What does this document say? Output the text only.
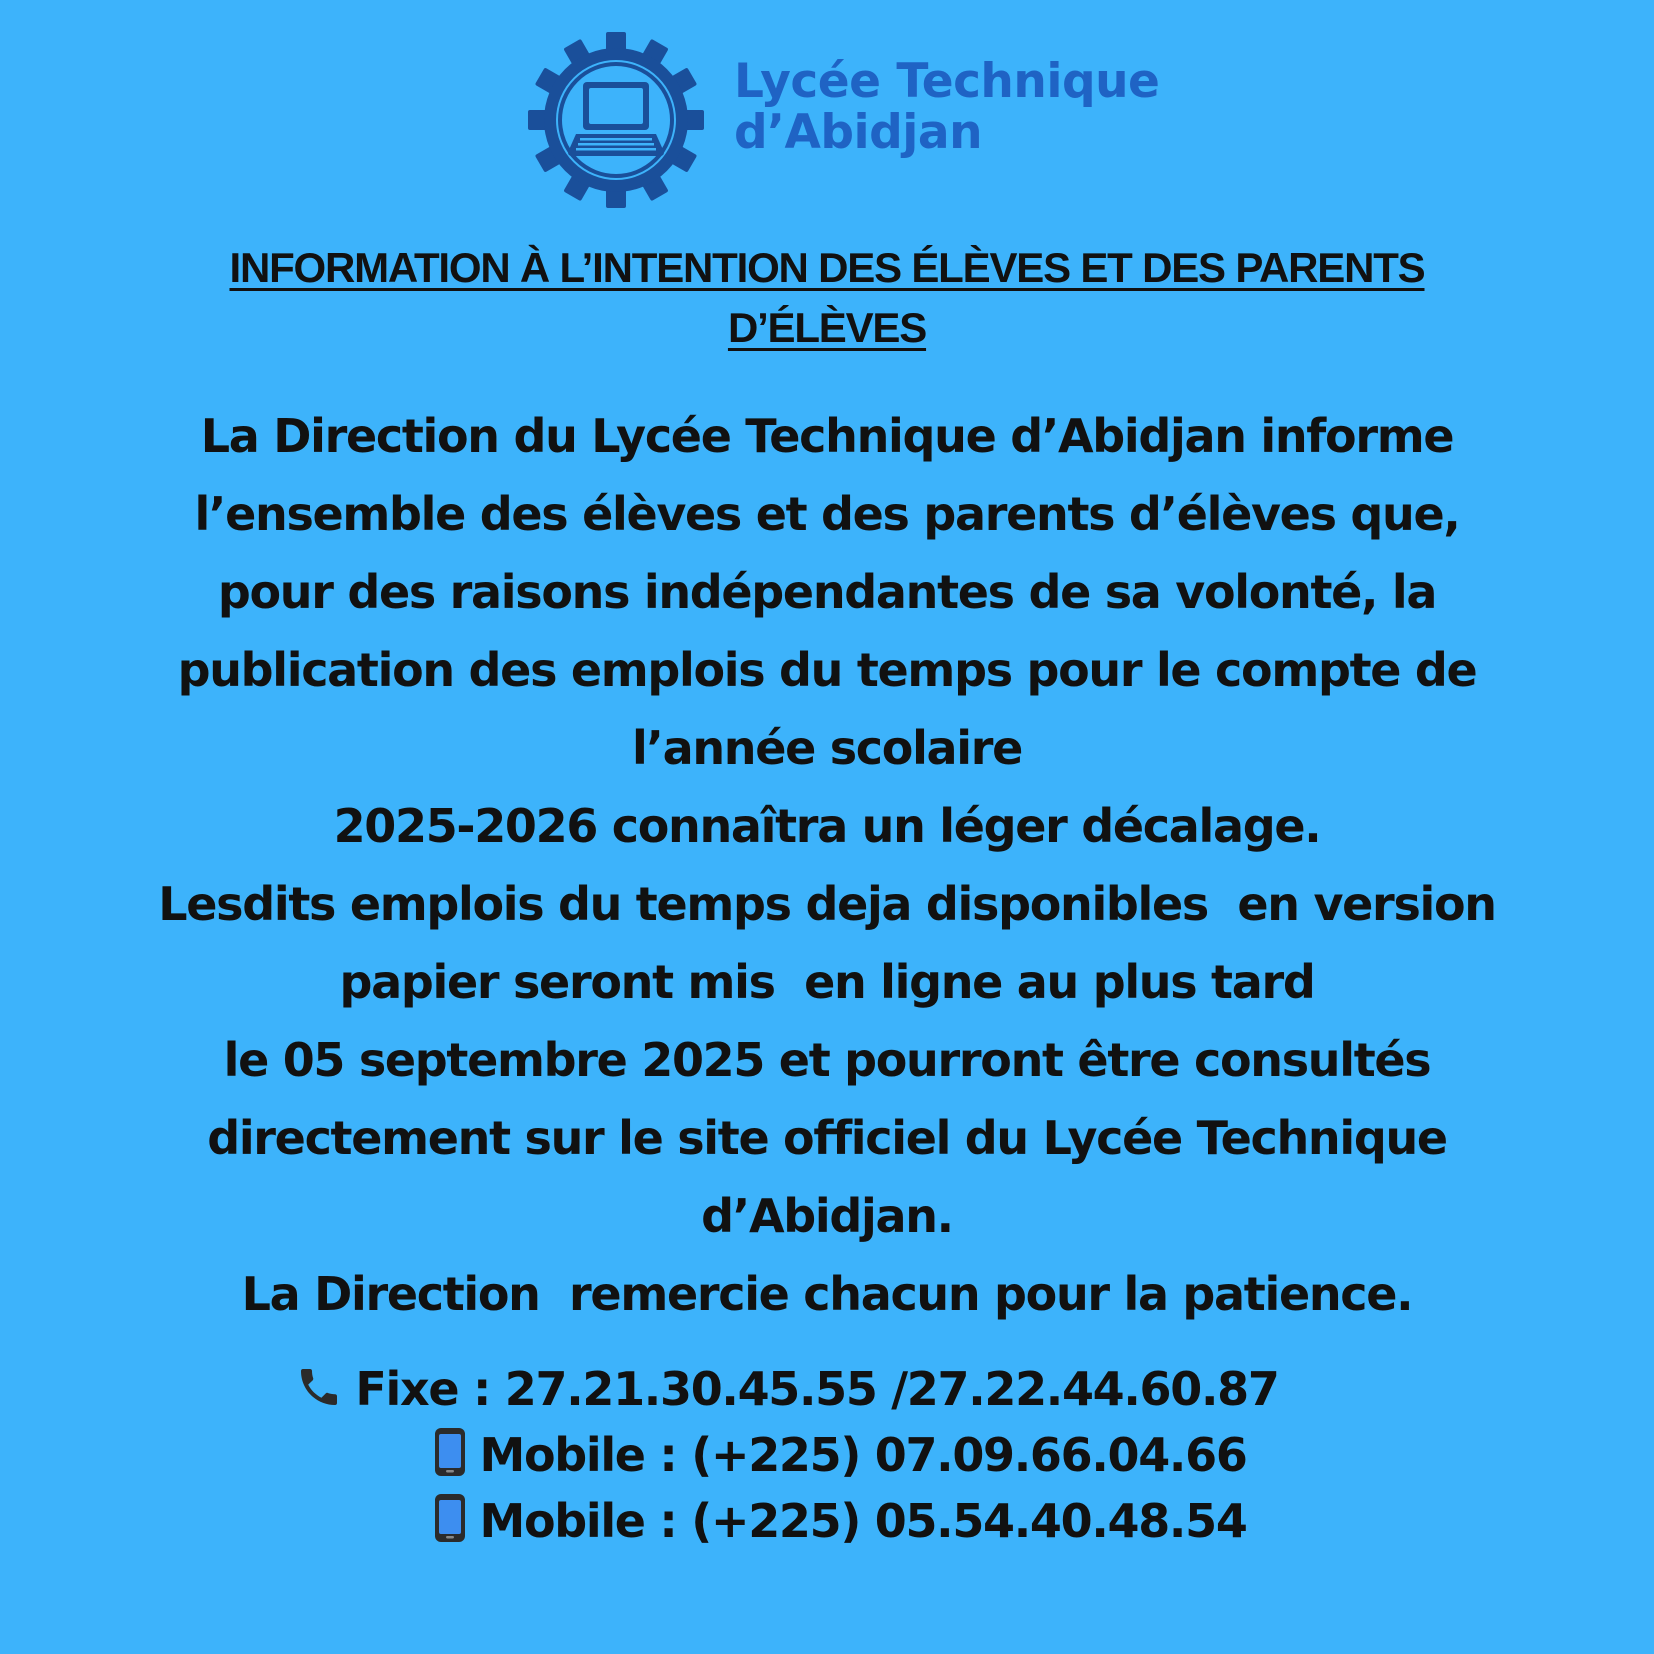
Lycée Technique
d’Abidjan
INFORMATION À L’INTENTION DES ÉLÈVES ET DES PARENTS
D’ÉLÈVES
La Direction du Lycée Technique d’Abidjan informe
l’ensemble des élèves et des parents d’élèves que,
pour des raisons indépendantes de sa volonté, la
publication des emplois du temps pour le compte de
l’année scolaire
2025-2026 connaîtra un léger décalage.
Lesdits emplois du temps deja disponibles  en version
papier seront mis  en ligne au plus tard
le 05 septembre 2025 et pourront être consultés
directement sur le site officiel du Lycée Technique
d’Abidjan.
La Direction  remercie chacun pour la patience.
Fixe : 27.21.30.45.55 /27.22.44.60.87
Mobile : (+225) 07.09.66.04.66
Mobile : (+225) 05.54.40.48.54
